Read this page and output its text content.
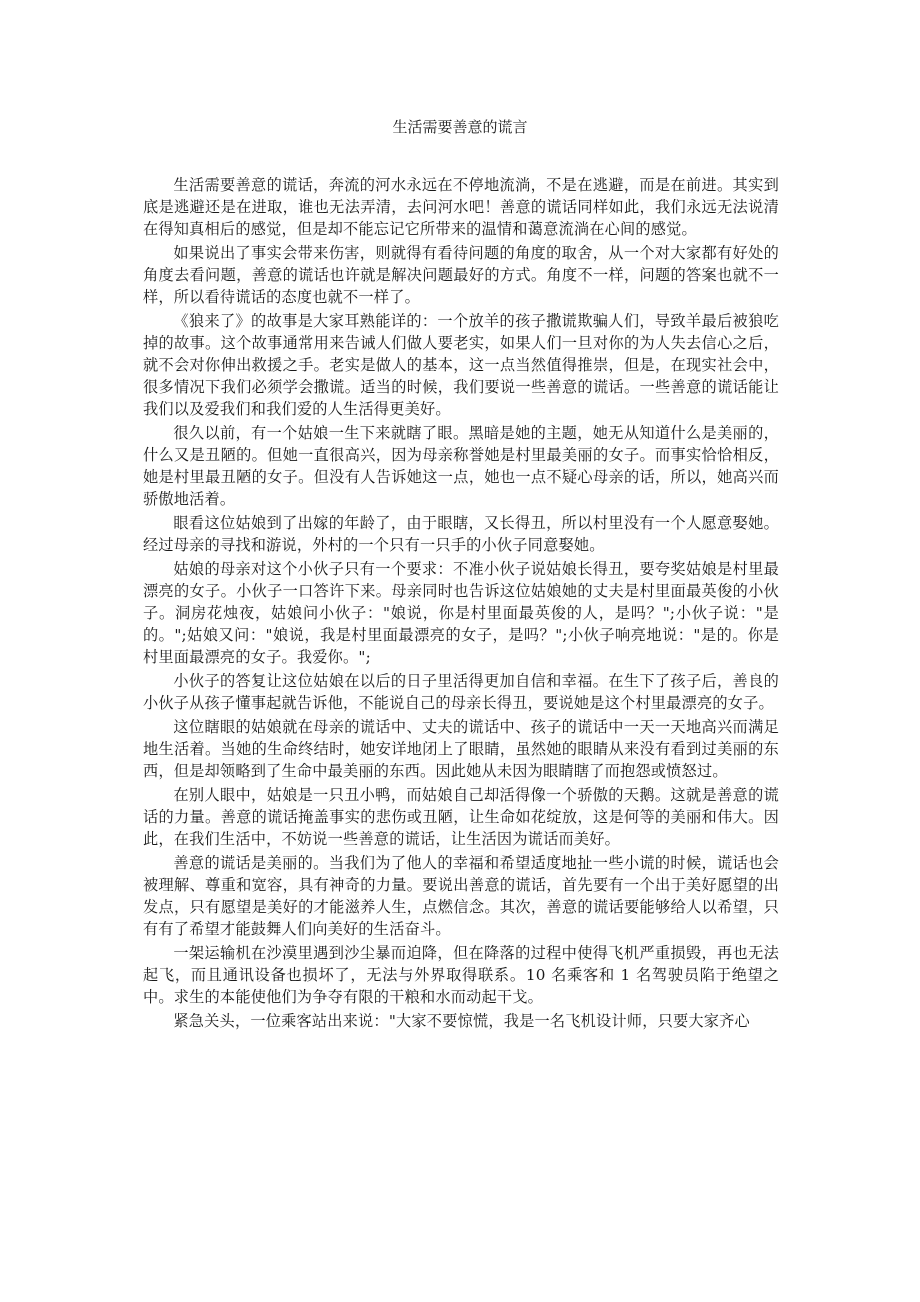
生活需要善意的谎言

生活需要善意的谎话，奔流的河水永远在不停地流淌，不是在逃避，而是在前进。其实到底是逃避还是在进取，谁也无法弄清，去问河水吧！善意的谎话同样如此，我们永远无法说清在得知真相后的感觉，但是却不能忘记它所带来的温情和蔼意流淌在心间的感觉。

如果说出了事实会带来伤害，则就得有看待问题的角度的取舍，从一个对大家都有好处的角度去看问题，善意的谎话也许就是解决问题最好的方式。角度不一样，问题的答案也就不一样，所以看待谎话的态度也就不一样了。

《狼来了》的故事是大家耳熟能详的：一个放羊的孩子撒谎欺骗人们，导致羊最后被狼吃掉的故事。这个故事通常用来告诫人们做人要老实，如果人们一旦对你的为人失去信心之后，就不会对你伸出救援之手。老实是做人的基本，这一点当然值得推崇，但是，在现实社会中，很多情况下我们必须学会撒谎。适当的时候，我们要说一些善意的谎话。一些善意的谎话能让我们以及爱我们和我们爱的人生活得更美好。

很久以前，有一个姑娘一生下来就瞎了眼。黑暗是她的主题，她无从知道什么是美丽的，什么又是丑陋的。但她一直很高兴，因为母亲称誉她是村里最美丽的女子。而事实恰恰相反，她是村里最丑陋的女子。但没有人告诉她这一点，她也一点不疑心母亲的话，所以，她高兴而骄傲地活着。

眼看这位姑娘到了出嫁的年龄了，由于眼瞎，又长得丑，所以村里没有一个人愿意娶她。经过母亲的寻找和游说，外村的一个只有一只手的小伙子同意娶她。

姑娘的母亲对这个小伙子只有一个要求：不准小伙子说姑娘长得丑，要夸奖姑娘是村里最漂亮的女子。小伙子一口答许下来。母亲同时也告诉这位姑娘她的丈夫是村里面最英俊的小伙子。洞房花烛夜，姑娘问小伙子："娘说，你是村里面最英俊的人，是吗？";小伙子说："是的。";姑娘又问："娘说，我是村里面最漂亮的女子，是吗？";小伙子响亮地说："是的。你是村里面最漂亮的女子。我爱你。";

小伙子的答复让这位姑娘在以后的日子里活得更加自信和幸福。在生下了孩子后，善良的小伙子从孩子懂事起就告诉他，不能说自己的母亲长得丑，要说她是这个村里最漂亮的女子。

这位瞎眼的姑娘就在母亲的谎话中、丈夫的谎话中、孩子的谎话中一天一天地高兴而满足地生活着。当她的生命终结时，她安详地闭上了眼睛，虽然她的眼睛从来没有看到过美丽的东西，但是却领略到了生命中最美丽的东西。因此她从未因为眼睛瞎了而抱怨或愤怒过。

在别人眼中，姑娘是一只丑小鸭，而姑娘自己却活得像一个骄傲的天鹅。这就是善意的谎话的力量。善意的谎话掩盖事实的悲伤或丑陋，让生命如花绽放，这是何等的美丽和伟大。因此，在我们生活中，不妨说一些善意的谎话，让生活因为谎话而美好。

善意的谎话是美丽的。当我们为了他人的幸福和希望适度地扯一些小谎的时候，谎话也会被理解、尊重和宽容，具有神奇的力量。要说出善意的谎话，首先要有一个出于美好愿望的出发点，只有愿望是美好的才能滋养人生，点燃信念。其次，善意的谎话要能够给人以希望，只有有了希望才能鼓舞人们向美好的生活奋斗。

一架运输机在沙漠里遇到沙尘暴而迫降，但在降落的过程中使得飞机严重损毁，再也无法起飞，而且通讯设备也损坏了，无法与外界取得联系。10 名乘客和 1 名驾驶员陷于绝望之中。求生的本能使他们为争夺有限的干粮和水而动起干戈。

紧急关头，一位乘客站出来说："大家不要惊慌，我是一名飞机设计师，只要大家齐心
